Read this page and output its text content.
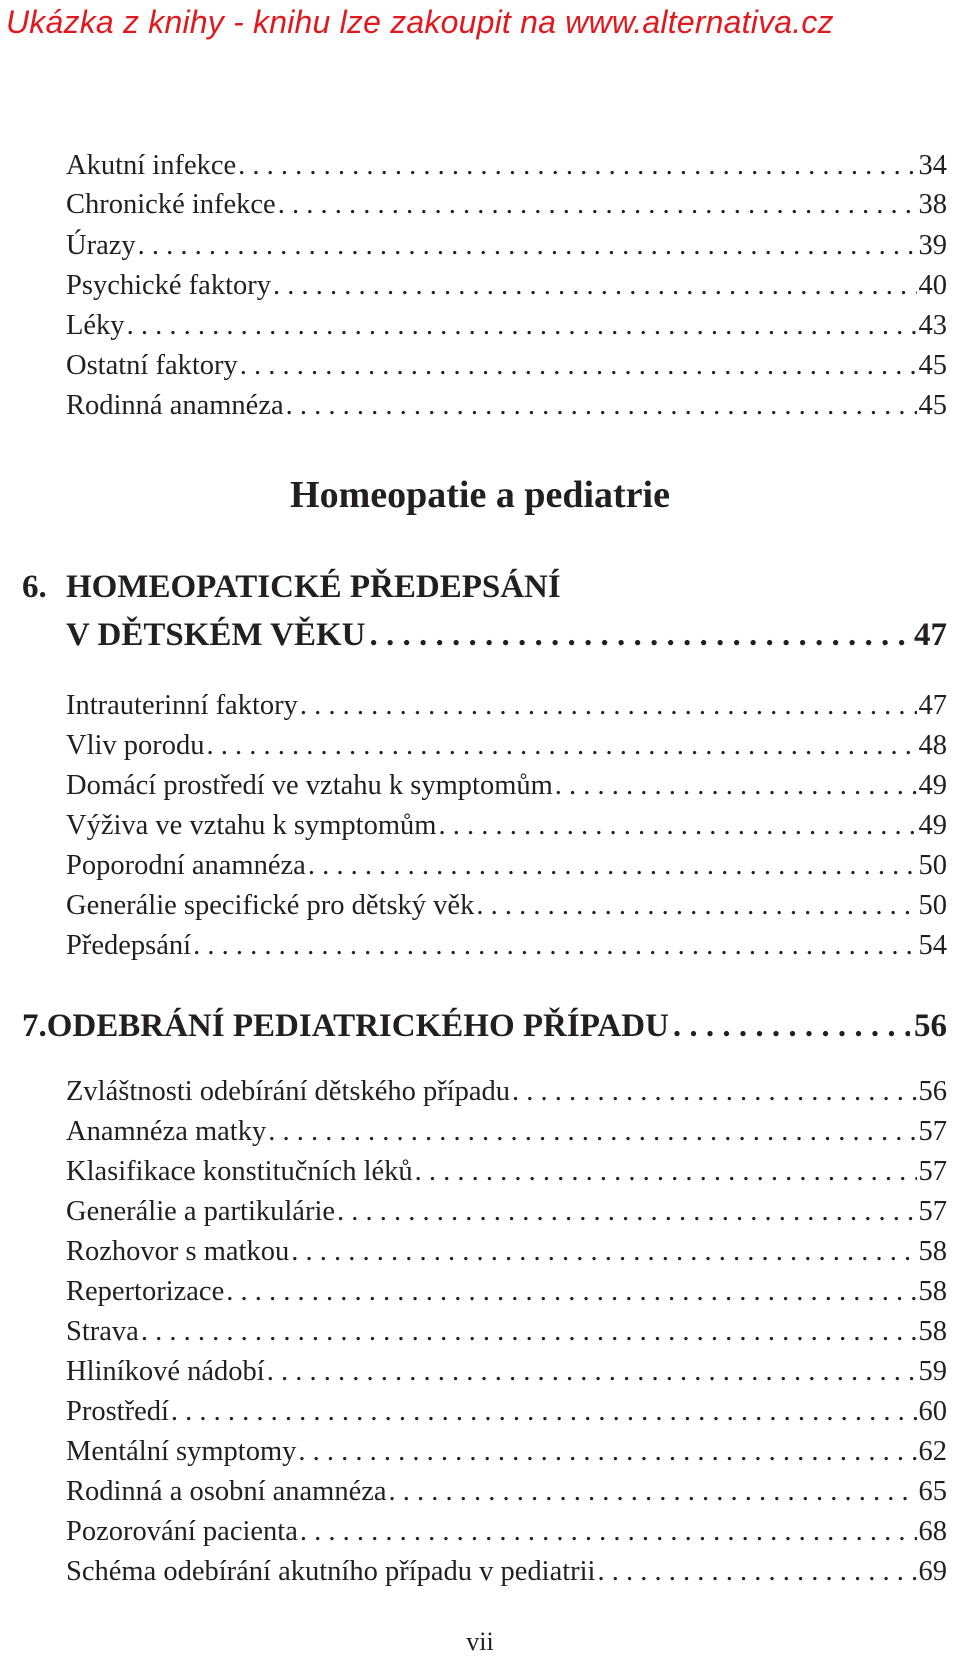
Ukázka z knihy - knihu lze zakoupit na www.alternativa.cz
Akutní infekce . . .	34
Chronické infekce . . .	38
Úrazy . . .	39
Psychické faktory . . .	40
Léky . . .	43
Ostatní faktory . . .	45
Rodinná anamnéza . . .	45
Homeopatie a pediatrie
6. HOMEOPATICKÉ PŘEDEPSÁNÍ
V DĚTSKÉM VĚKU . . .	47
Intrauterinní faktory . . .	47
Vliv porodu . . .	48
Domácí prostředí ve vztahu k symptomům . . .	49
Výživa ve vztahu k symptomům . . .	49
Poporodní anamnéza . . .	50
Generálie specifické pro dětský věk . . .	50
Předepsání . . .	54
7. ODEBRÁNÍ PEDIATRICKÉHO PŘÍPADU . . .	56
Zvláštnosti odebírání dětského případu . . .	56
Anamnéza matky . . .	57
Klasifikace konstitučních léků . . .	57
Generálie a partikulárie . . .	57
Rozhovor s matkou . . .	58
Repertorizace . . .	58
Strava . . .	58
Hliníkové nádobí . . .	59
Prostředí . . .	60
Mentální symptomy . . .	62
Rodinná a osobní anamnéza . . .	65
Pozorování pacienta . . .	68
Schéma odebírání akutního případu v pediatrii . . .	69
vii
